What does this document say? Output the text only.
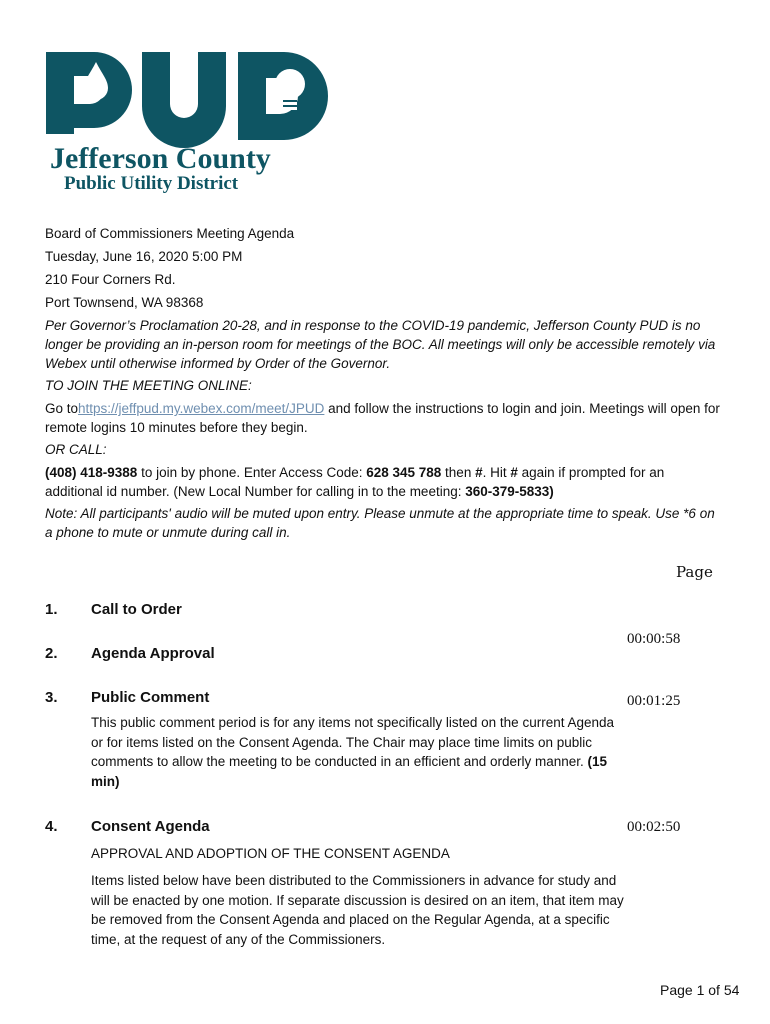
Jefferson County
Public Utility District
Board of Commissioners Meeting Agenda
Tuesday, June 16, 2020 5:00 PM
210 Four Corners Rd.
Port Townsend, WA 98368
Per Governor’s Proclamation 20-28, and in response to the COVID-19 pandemic, Jefferson County PUD is no longer be providing an in-person room for meetings of the BOC. All meetings will only be accessible remotely via Webex until otherwise informed by Order of the Governor.
TO JOIN THE MEETING ONLINE:
Go tohttps://jeffpud.my.webex.com/meet/JPUD and follow the instructions to login and join. Meetings will open for remote logins 10 minutes before they begin.
OR CALL:
(408) 418-9388 to join by phone. Enter Access Code: 628 345 788 then #. Hit # again if prompted for an additional id number. (New Local Number for calling in to the meeting: 360-379-5833)
Note: All participants' audio will be muted upon entry. Please unmute at the appropriate time to speak. Use *6 on a phone to mute or unmute during call in.
Page
1. Call to Order
2. Agenda Approval
3. Public Comment
This public comment period is for any items not specifically listed on the current Agenda or for items listed on the Consent Agenda. The Chair may place time limits on public comments to allow the meeting to be conducted in an efficient and orderly manner. (15 min)
4. Consent Agenda
APPROVAL AND ADOPTION OF THE CONSENT AGENDA
Items listed below have been distributed to the Commissioners in advance for study and will be enacted by one motion. If separate discussion is desired on an item, that item may be removed from the Consent Agenda and placed on the Regular Agenda, at a specific time, at the request of any of the Commissioners.
00:00:58
00:01:25
00:02:50
Page 1 of 54
